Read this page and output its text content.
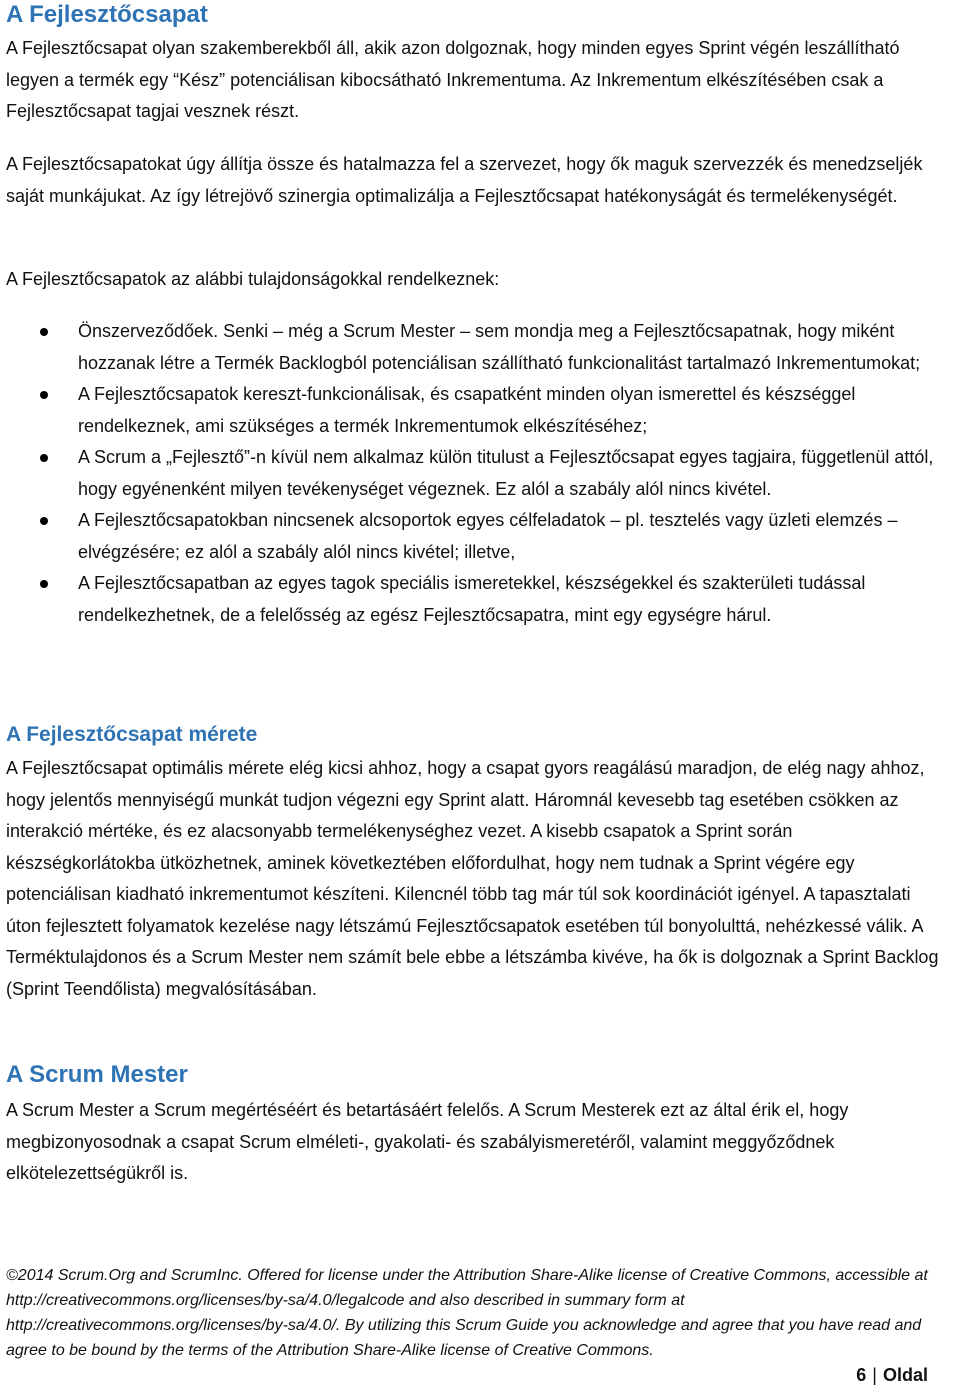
A Fejlesztőcsapat

A Fejlesztőcsapat olyan szakemberekből áll, akik azon dolgoznak, hogy minden egyes Sprint végén leszállítható legyen a termék egy “Kész” potenciálisan kibocsátható Inkrementuma. Az Inkrementum elkészítésében csak a Fejlesztőcsapat tagjai vesznek részt.

A Fejlesztőcsapatokat úgy állítja össze és hatalmazza fel a szervezet, hogy ők maguk szervezzék és menedzseljék saját munkájukat. Az így létrejövő szinergia optimalizálja a Fejlesztőcsapat hatékonyságát és termelékenységét.

A Fejlesztőcsapatok az alábbi tulajdonságokkal rendelkeznek:

Önszerveződőek. Senki – még a Scrum Mester – sem mondja meg a Fejlesztőcsapatnak, hogy miként hozzanak létre a Termék Backlogból potenciálisan szállítható funkcionalitást tartalmazó Inkrementumokat;
A Fejlesztőcsapatok kereszt-funkcionálisak, és csapatként minden olyan ismerettel és készséggel rendelkeznek, ami szükséges a termék Inkrementumok elkészítéséhez;
A Scrum a „Fejlesztő”-n kívül nem alkalmaz külön titulust a Fejlesztőcsapat egyes tagjaira, függetlenül attól, hogy egyénenként milyen tevékenységet végeznek. Ez alól a szabály alól nincs kivétel.
A Fejlesztőcsapatokban nincsenek alcsoportok egyes célfeladatok – pl. tesztelés vagy üzleti elemzés – elvégzésére; ez alól a szabály alól nincs kivétel; illetve,
A Fejlesztőcsapatban az egyes tagok speciális ismeretekkel, készségekkel és szakterületi tudással rendelkezhetnek, de a felelősség az egész Fejlesztőcsapatra, mint egy egységre hárul.
A Fejlesztőcsapat mérete

A Fejlesztőcsapat optimális mérete elég kicsi ahhoz, hogy a csapat gyors reagálású maradjon, de elég nagy ahhoz, hogy jelentős mennyiségű munkát tudjon végezni egy Sprint alatt. Háromnál kevesebb tag esetében csökken az interakció mértéke, és ez alacsonyabb termelékenységhez vezet. A kisebb csapatok a Sprint során készségkorlátokba ütközhetnek, aminek következtében előfordulhat, hogy nem tudnak a Sprint végére egy potenciálisan kiadható inkrementumot készíteni. Kilencnél több tag már túl sok koordinációt igényel. A tapasztalati úton fejlesztett folyamatok kezelése nagy létszámú Fejlesztőcsapatok esetében túl bonyolulttá, nehézkessé válik. A Terméktulajdonos és a Scrum Mester nem számít bele ebbe a létszámba kivéve, ha ők is dolgoznak a Sprint Backlog (Sprint Teendőlista) megvalósításában.

A Scrum Mester

A Scrum Mester a Scrum megértéséért és betartásáért felelős. A Scrum Mesterek ezt az által érik el, hogy megbizonyosodnak a csapat Scrum elméleti-, gyakolati- és szabályismeretéről, valamint meggyőződnek elkötelezettségükről is.

©2014 Scrum.Org and ScrumInc. Offered for license under the Attribution Share-Alike license of Creative Commons, accessible at http://creativecommons.org/licenses/by-sa/4.0/legalcode and also described in summary form at http://creativecommons.org/licenses/by-sa/4.0/. By utilizing this Scrum Guide you acknowledge and agree that you have read and agree to be bound by the terms of the Attribution Share-Alike license of Creative Commons.
6 | Oldal
